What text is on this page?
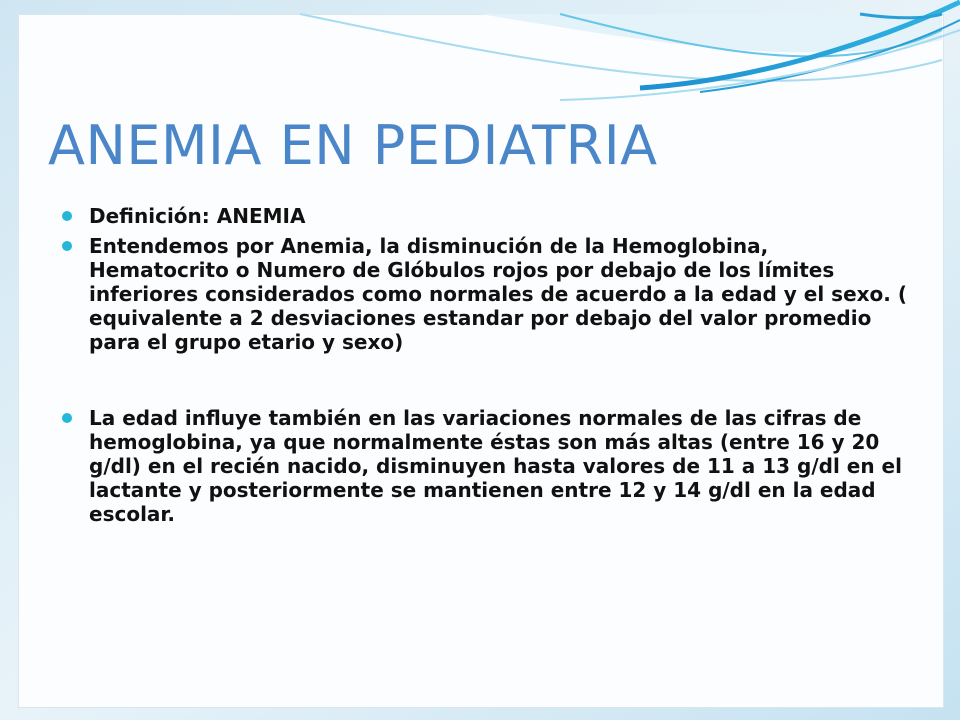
ANEMIA EN PEDIATRIA
Definición: ANEMIA
Entendemos por Anemia, la disminución de la Hemoglobina, Hematocrito o Numero de Glóbulos rojos por debajo de los límites inferiores considerados como normales de acuerdo a la edad y el sexo. ( equivalente a 2 desviaciones estandar por debajo del valor promedio para el grupo etario y sexo)
La edad influye también en las variaciones normales de las cifras de hemoglobina, ya que normalmente éstas son más altas (entre 16 y 20 g/dl) en el recién nacido, disminuyen hasta valores de 11 a 13 g/dl en el lactante y posteriormente se mantienen entre 12 y 14 g/dl en la edad escolar.
